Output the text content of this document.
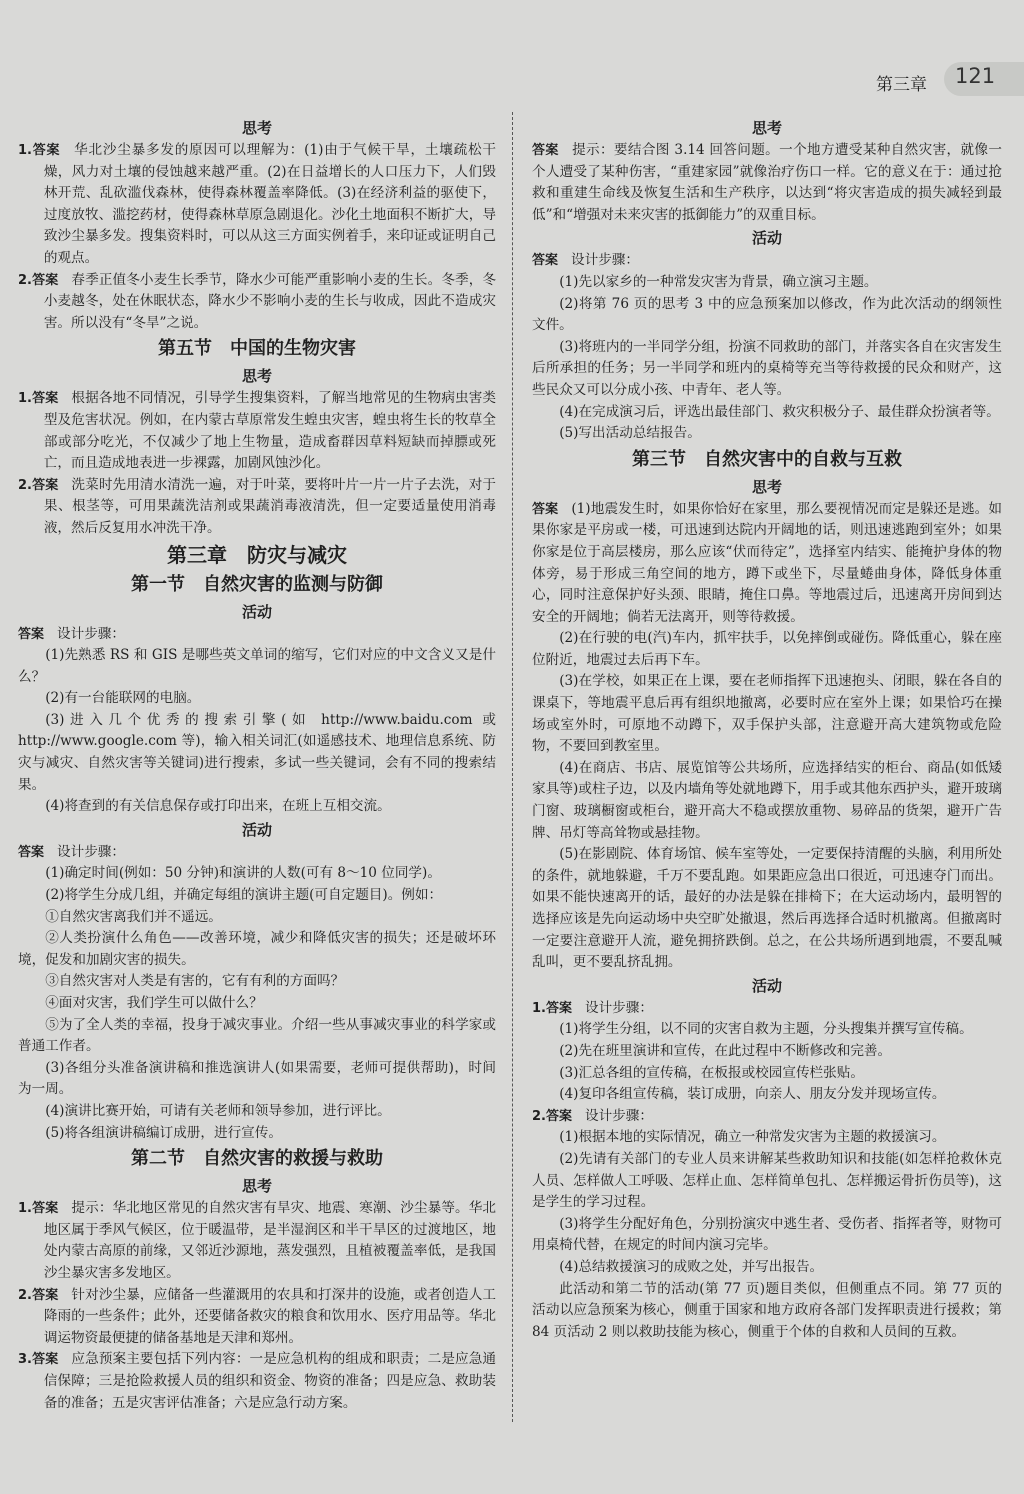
第三章 121
思考

1.答案　华北沙尘暴多发的原因可以理解为：(1)由于气候干旱，土壤疏松干燥，风力对土壤的侵蚀越来越严重。(2)在日益增长的人口压力下，人们毁林开荒、乱砍滥伐森林，使得森林覆盖率降低。(3)在经济利益的驱使下，过度放牧、滥挖药材，使得森林草原急剧退化。沙化土地面积不断扩大，导致沙尘暴多发。搜集资料时，可以从这三方面实例着手，来印证或证明自己的观点。

2.答案　春季正值冬小麦生长季节，降水少可能严重影响小麦的生长。冬季，冬小麦越冬，处在休眠状态，降水少不影响小麦的生长与收成，因此不造成灾害。所以没有“冬旱”之说。

第五节　中国的生物灾害
思考

1.答案　根据各地不同情况，引导学生搜集资料，了解当地常见的生物病虫害类型及危害状况。例如，在内蒙古草原常发生蝗虫灾害，蝗虫将生长的牧草全部或部分吃光，不仅减少了地上生物量，造成畜群因草料短缺而掉膘或死亡，而且造成地表进一步裸露，加剧风蚀沙化。

2.答案　洗菜时先用清水清洗一遍，对于叶菜，要将叶片一片一片子去洗，对于果、根茎等，可用果蔬洗洁剂或果蔬消毒液清洗，但一定要适量使用消毒液，然后反复用水冲洗干净。

第三章　防灾与减灾
第一节　自然灾害的监测与防御
活动

答案　设计步骤：

(1)先熟悉 RS 和 GIS 是哪些英文单词的缩写，它们对应的中文含义又是什么？

(2)有一台能联网的电脑。

(3)进入几个优秀的搜索引擎(如 http://www.baidu.com 或 http://www.google.com 等)，输入相关词汇(如遥感技术、地理信息系统、防灾与减灾、自然灾害等关键词)进行搜索，多试一些关键词，会有不同的搜索结果。

(4)将查到的有关信息保存或打印出来，在班上互相交流。

活动

答案　设计步骤：

(1)确定时间(例如：50 分钟)和演讲的人数(可有 8～10 位同学)。

(2)将学生分成几组，并确定每组的演讲主题(可自定题目)。例如：

①自然灾害离我们并不遥远。

②人类扮演什么角色——改善环境，减少和降低灾害的损失；还是破坏环境，促发和加剧灾害的损失。

③自然灾害对人类是有害的，它有有利的方面吗？

④面对灾害，我们学生可以做什么？

⑤为了全人类的幸福，投身于减灾事业。介绍一些从事减灾事业的科学家或普通工作者。

(3)各组分头准备演讲稿和推选演讲人(如果需要，老师可提供帮助)，时间为一周。

(4)演讲比赛开始，可请有关老师和领导参加，进行评比。

(5)将各组演讲稿编订成册，进行宣传。

第二节　自然灾害的救援与救助
思考

1.答案　提示：华北地区常见的自然灾害有旱灾、地震、寒潮、沙尘暴等。华北地区属于季风气候区，位于暖温带，是半湿润区和半干旱区的过渡地区，地处内蒙古高原的前缘，又邻近沙源地，蒸发强烈，且植被覆盖率低，是我国沙尘暴灾害多发地区。

2.答案　针对沙尘暴，应储备一些灌溉用的农具和打深井的设施，或者创造人工降雨的一些条件；此外，还要储备救灾的粮食和饮用水、医疗用品等。华北调运物资最便捷的储备基地是天津和郑州。

3.答案　应急预案主要包括下列内容：一是应急机构的组成和职责；二是应急通信保障；三是抢险救援人员的组织和资金、物资的准备；四是应急、救助装备的准备；五是灾害评估准备；六是应急行动方案。

思考

答案　提示：要结合图 3.14 回答问题。一个地方遭受某种自然灾害，就像一个人遭受了某种伤害，“重建家园”就像治疗伤口一样。它的意义在于：通过抢救和重建生命线及恢复生活和生产秩序，以达到“将灾害造成的损失减轻到最低”和“增强对未来灾害的抵御能力”的双重目标。

活动

答案　设计步骤：

(1)先以家乡的一种常发灾害为背景，确立演习主题。

(2)将第 76 页的思考 3 中的应急预案加以修改，作为此次活动的纲领性文件。

(3)将班内的一半同学分组，扮演不同救助的部门，并落实各自在灾害发生后所承担的任务；另一半同学和班内的桌椅等充当等待救援的民众和财产，这些民众又可以分成小孩、中青年、老人等。

(4)在完成演习后，评选出最佳部门、救灾积极分子、最佳群众扮演者等。

(5)写出活动总结报告。

第三节　自然灾害中的自救与互救
思考

答案　(1)地震发生时，如果你恰好在家里，那么要视情况而定是躲还是逃。如果你家是平房或一楼，可迅速到达院内开阔地的话，则迅速逃跑到室外；如果你家是位于高层楼房，那么应该“伏而待定”，选择室内结实、能掩护身体的物体旁，易于形成三角空间的地方，蹲下或坐下，尽量蜷曲身体，降低身体重心，同时注意保护好头颈、眼睛，掩住口鼻。等地震过后，迅速离开房间到达安全的开阔地；倘若无法离开，则等待救援。

(2)在行驶的电(汽)车内，抓牢扶手，以免摔倒或碰伤。降低重心，躲在座位附近，地震过去后再下车。

(3)在学校，如果正在上课，要在老师指挥下迅速抱头、闭眼，躲在各自的课桌下，等地震平息后再有组织地撤离，必要时应在室外上课；如果恰巧在操场或室外时，可原地不动蹲下，双手保护头部，注意避开高大建筑物或危险物，不要回到教室里。

(4)在商店、书店、展览馆等公共场所，应选择结实的柜台、商品(如低矮家具等)或柱子边，以及内墙角等处就地蹲下，用手或其他东西护头，避开玻璃门窗、玻璃橱窗或柜台，避开高大不稳或摆放重物、易碎品的货架，避开广告牌、吊灯等高耸物或悬挂物。

(5)在影剧院、体育场馆、候车室等处，一定要保持清醒的头脑，利用所处的条件，就地躲避，千万不要乱跑。如果距应急出口很近，可迅速夺门而出。如果不能快速离开的话，最好的办法是躲在排椅下；在大运动场内，最明智的选择应该是先向运动场中央空旷处撤退，然后再选择合适时机撤离。但撤离时一定要注意避开人流，避免拥挤跌倒。总之，在公共场所遇到地震，不要乱喊乱叫，更不要乱挤乱拥。

活动

1.答案　设计步骤：

(1)将学生分组，以不同的灾害自救为主题，分头搜集并撰写宣传稿。

(2)先在班里演讲和宣传，在此过程中不断修改和完善。

(3)汇总各组的宣传稿，在板报或校园宣传栏张贴。

(4)复印各组宣传稿，装订成册，向亲人、朋友分发并现场宣传。

2.答案　设计步骤：

(1)根据本地的实际情况，确立一种常发灾害为主题的救援演习。

(2)先请有关部门的专业人员来讲解某些救助知识和技能(如怎样抢救休克人员、怎样做人工呼吸、怎样止血、怎样简单包扎、怎样搬运骨折伤员等)，这是学生的学习过程。

(3)将学生分配好角色，分别扮演灾中逃生者、受伤者、指挥者等，财物可用桌椅代替，在规定的时间内演习完毕。

(4)总结救援演习的成败之处，并写出报告。

此活动和第二节的活动(第 77 页)题目类似，但侧重点不同。第 77 页的活动以应急预案为核心，侧重于国家和地方政府各部门发挥职责进行援救；第 84 页活动 2 则以救助技能为核心，侧重于个体的自救和人员间的互救。
